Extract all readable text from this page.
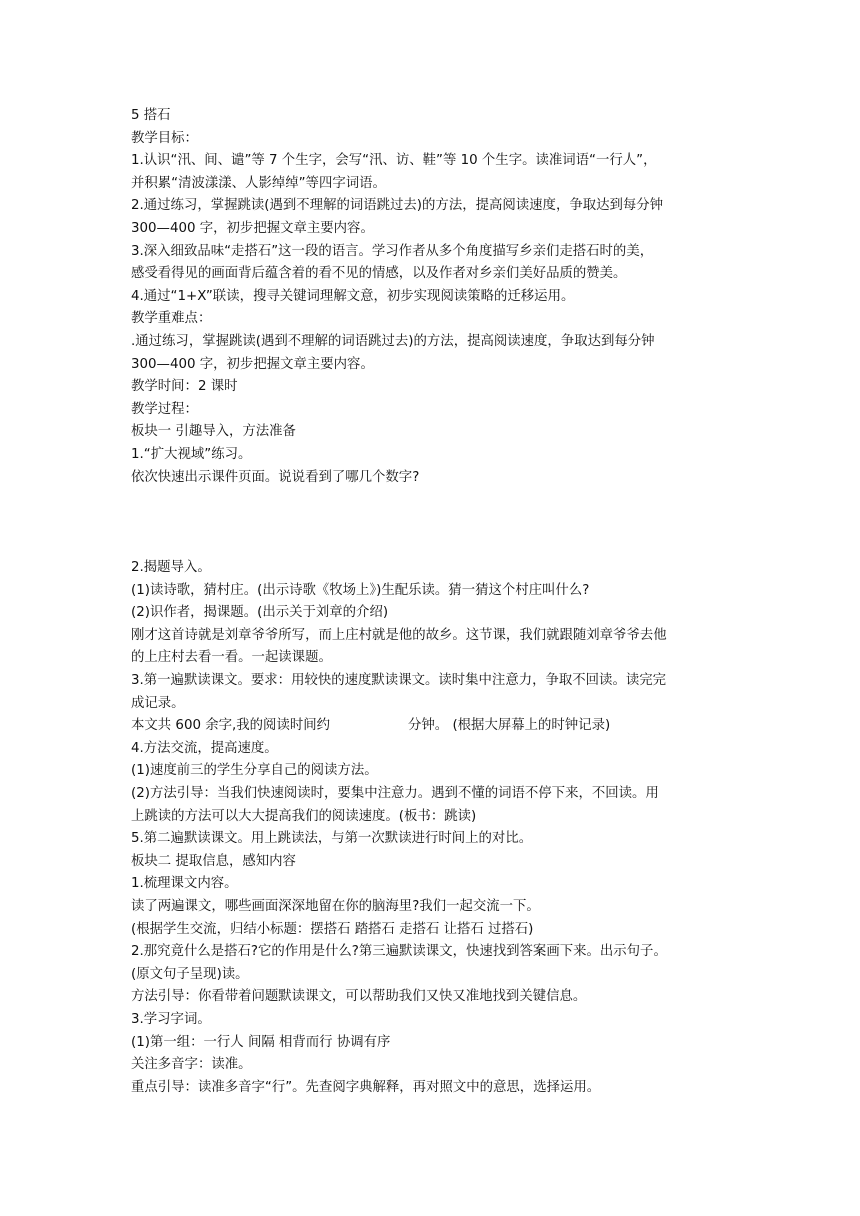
5 搭石
教学目标：
1.认识“汛、间、谴”等 7 个生字，会写“汛、访、鞋”等 10 个生字。读准词语“一行人”，
并积累“清波漾漾、人影绰绰”等四字词语。
2.通过练习，掌握跳读(遇到不理解的词语跳过去)的方法，提高阅读速度，争取达到每分钟
300—400 字，初步把握文章主要内容。
3.深入细致品味“走搭石”这一段的语言。学习作者从多个角度描写乡亲们走搭石时的美，
感受看得见的画面背后蕴含着的看不见的情感，以及作者对乡亲们美好品质的赞美。
4.通过“1+X”联读，搜寻关键词理解文意，初步实现阅读策略的迁移运用。
教学重难点：
.通过练习，掌握跳读(遇到不理解的词语跳过去)的方法，提高阅读速度，争取达到每分钟
300—400 字，初步把握文章主要内容。
教学时间：2 课时
教学过程：
板块一 引趣导入，方法准备
1.“扩大视域”练习。
依次快速出示课件页面。说说看到了哪几个数字?
2.揭题导入。
(1)读诗歌，猜村庄。(出示诗歌《牧场上》)生配乐读。猜一猜这个村庄叫什么?
(2)识作者，揭课题。(出示关于刘章的介绍)
刚才这首诗就是刘章爷爷所写，而上庄村就是他的故乡。这节课，我们就跟随刘章爷爷去他
的上庄村去看一看。一起读课题。
3.第一遍默读课文。要求：用较快的速度默读课文。读时集中注意力，争取不回读。读完完
成记录。
本文共 600 余字,我的阅读时间约	分钟。 (根据大屏幕上的时钟记录)
4.方法交流，提高速度。
(1)速度前三的学生分享自己的阅读方法。
(2)方法引导：当我们快速阅读时，要集中注意力。遇到不懂的词语不停下来，不回读。用
上跳读的方法可以大大提高我们的阅读速度。(板书：跳读)
5.第二遍默读课文。用上跳读法，与第一次默读进行时间上的对比。
板块二 提取信息，感知内容
1.梳理课文内容。
读了两遍课文，哪些画面深深地留在你的脑海里?我们一起交流一下。
(根据学生交流，归结小标题：摆搭石 踏搭石 走搭石 让搭石 过搭石)
2.那究竟什么是搭石?它的作用是什么?第三遍默读课文，快速找到答案画下来。出示句子。
(原文句子呈现)读。
方法引导：你看带着问题默读课文，可以帮助我们又快又准地找到关键信息。
3.学习字词。
(1)第一组：一行人 间隔 相背而行 协调有序
关注多音字：读准。
重点引导：读准多音字“行”。先查阅字典解释，再对照文中的意思，选择运用。
